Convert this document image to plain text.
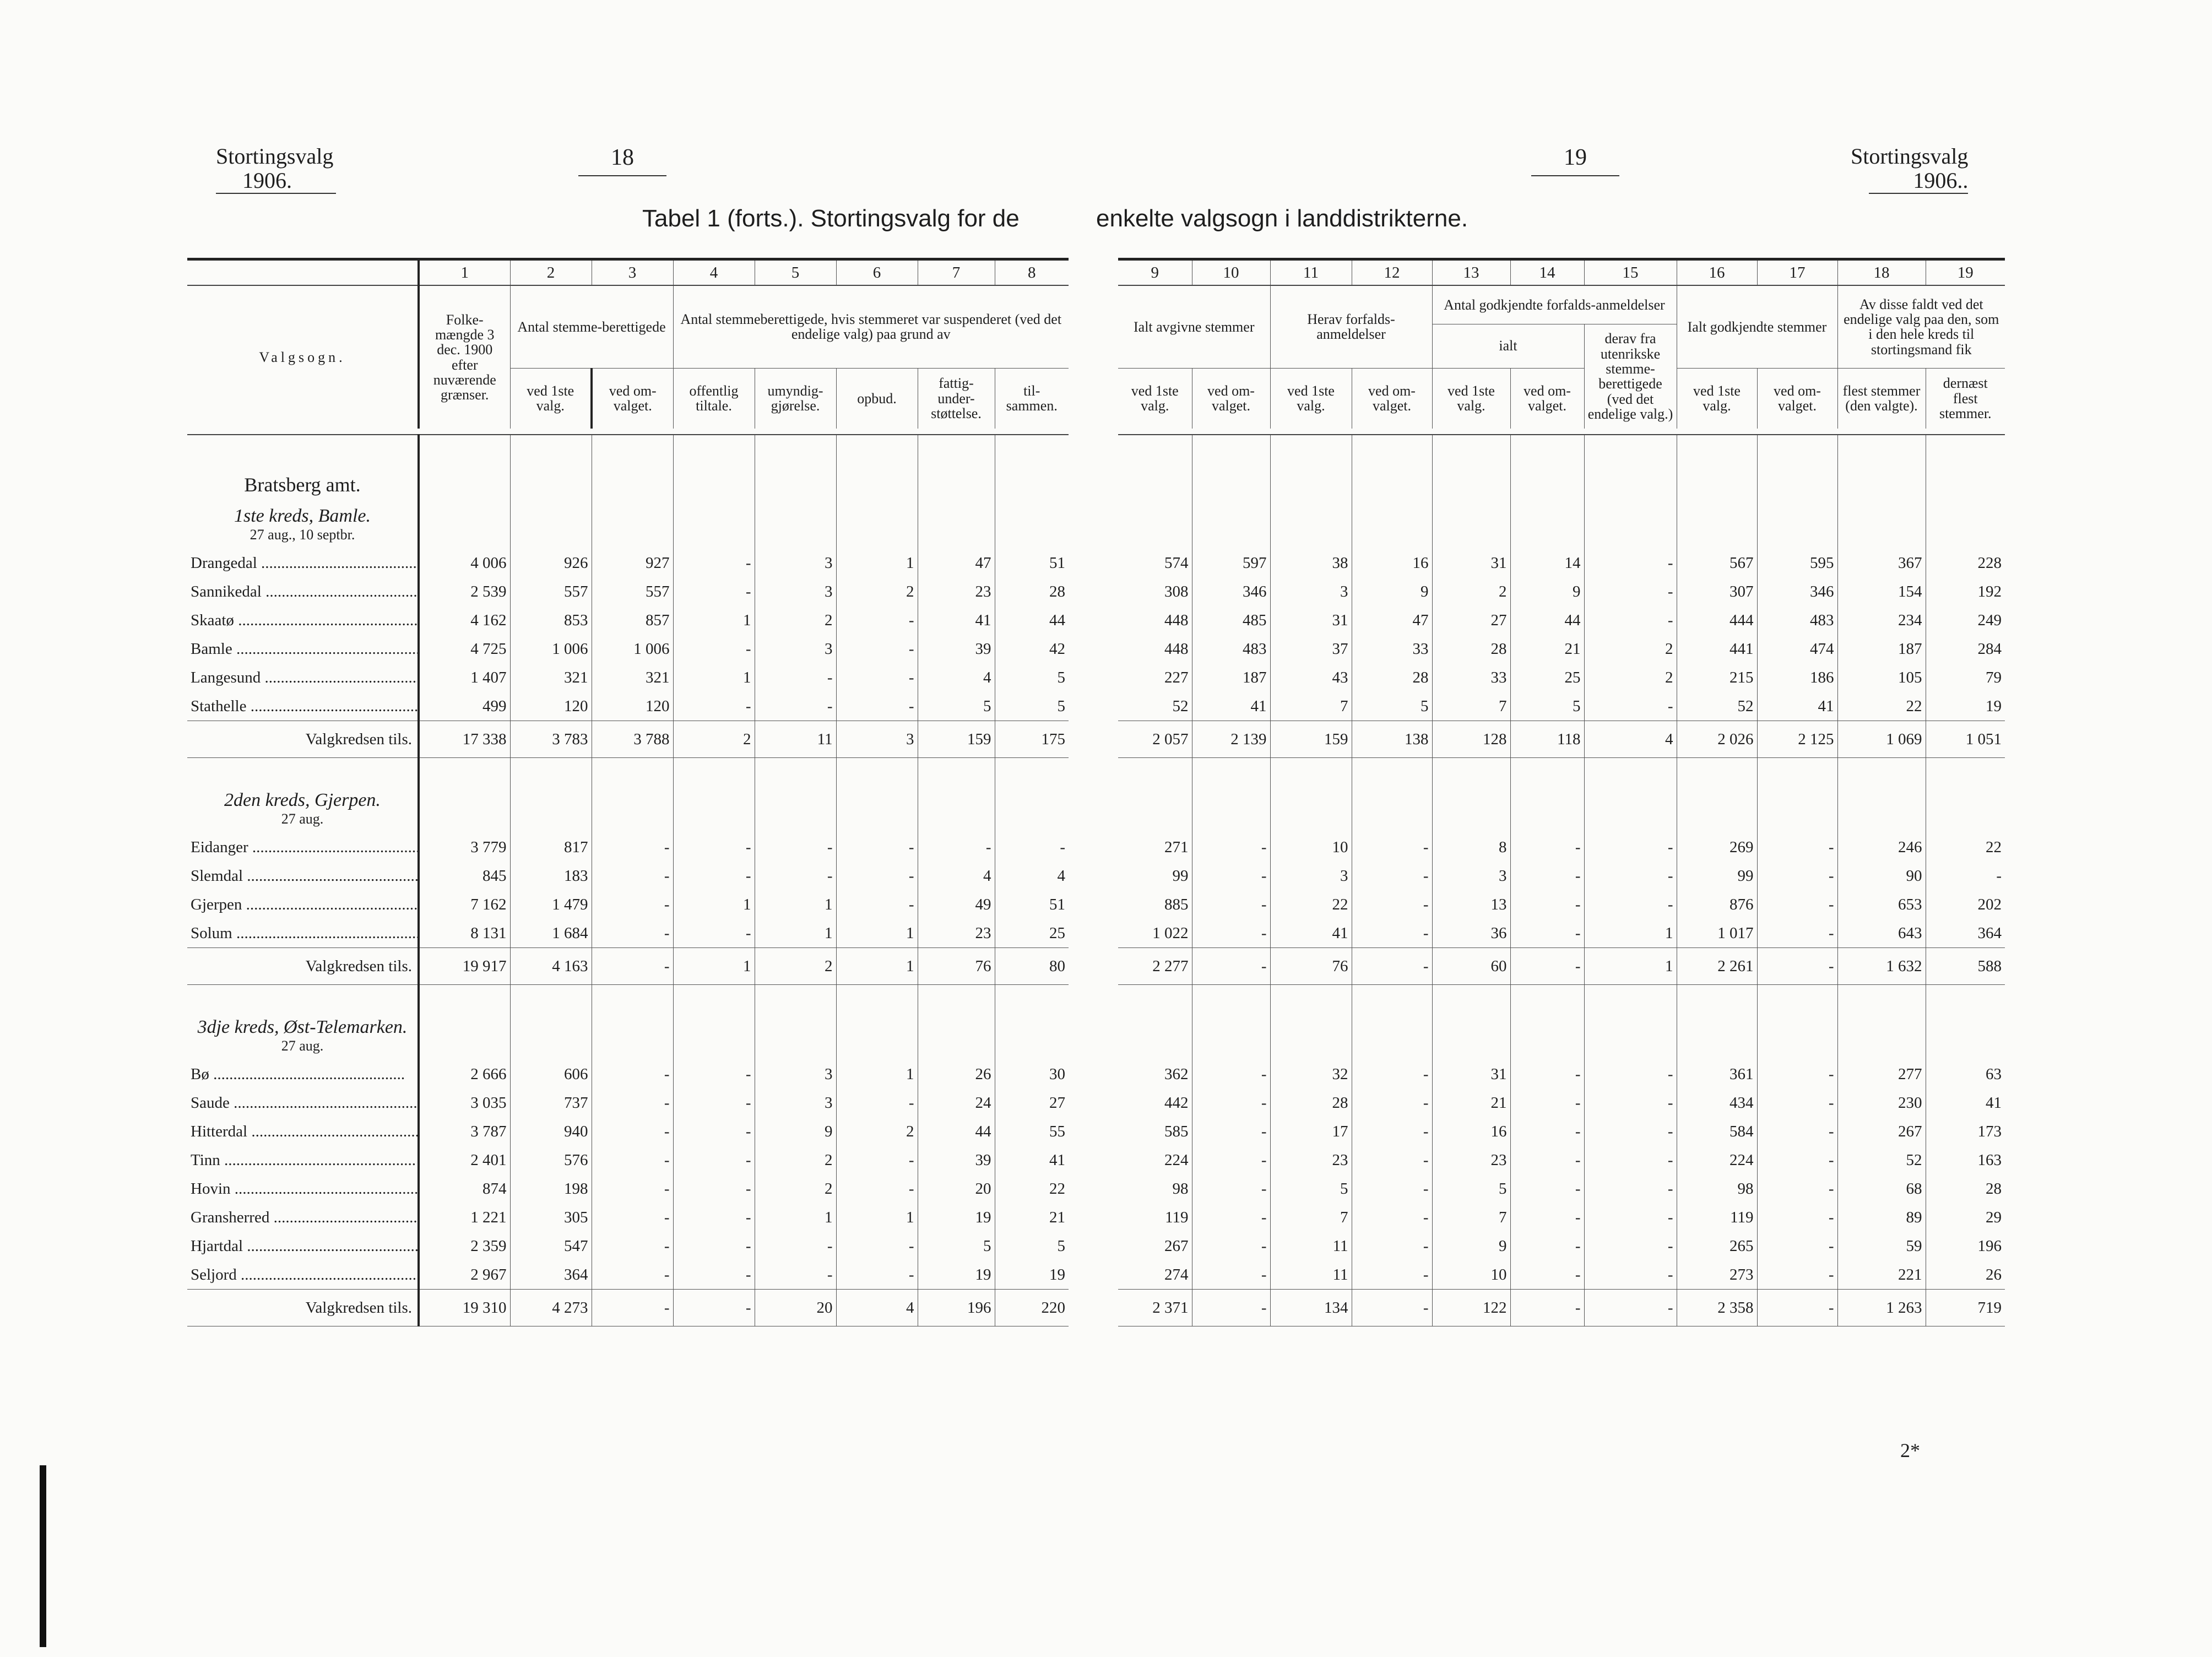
Stortingsvalg
1906.
18	19	Stortingsvalg
1906..
Tabel 1 (forts.). Stortingsvalg for de	enkelte valgsogn i landdistrikterne.
	1	2	3	4	5	6	7	8
Valgsogn.	Folke-mængde 3 dec. 1900 efter nuværende grænser.	Antal stemme-berettigede		Antal stemmeberettigede, hvis stemmeret var suspenderet (ved det endelige valg) paa grund av				
		ved 1ste valg.	ved om-valget.	offentlig tiltale.	umyndig-gjørelse.	opbud.	fattig-under-støttelse.	til-sammen.

Bratsberg amt.								
1ste kreds, Bamle.								
27 aug., 10 septbr.								
Drangedal .....	4 006	926	927	-	3	1	47	51
Sannikedal .....	2 539	557	557	-	3	2	23	28
Skaatø .....	4 162	853	857	1	2	-	41	44
Bamle .....	4 725	1 006	1 006	-	3	-	39	42
Langesund .....	1 407	321	321	1	-	-	4	5
Stathelle .....	499	120	120	-	-	-	5	5
Valgkredsen tils.	17 338	3 783	3 788	2	11	3	159	175

2den kreds, Gjerpen.								
27 aug.								
Eidanger .....	3 779	817	-	-	-	-	-	-
Slemdal .....	845	183	-	-	-	-	4	4
Gjerpen .....	7 162	1 479	-	1	1	-	49	51
Solum .....	8 131	1 684	-	-	1	1	23	25
Valgkredsen tils.	19 917	4 163	-	1	2	1	76	80

3dje kreds, Øst-Telemarken.								
27 aug.								
Bø .....	2 666	606	-	-	3	1	26	30
Saude .....	3 035	737	-	-	3	-	24	27
Hitterdal .....	3 787	940	-	-	9	2	44	55
Tinn .....	2 401	576	-	-	2	-	39	41
Hovin .....	874	198	-	-	2	-	20	22
Gransherred .....	1 221	305	-	-	1	1	19	21
Hjartdal .....	2 359	547	-	-	-	-	5	5
Seljord .....	2 967	364	-	-	-	-	19	19
Valgkredsen tils.	19 310	4 273	-	-	20	4	196	220
9	10	11	12	13	14	15	16	17	18	19
Ialt avgivne stemmer		Herav forfalds-anmeldelser		Antal godkjendte forfalds-anmeldelser			Ialt godkjendte stemmer		Av disse faldt ved det endelige valg paa den, som i den hele kreds til stortingsmand fik	
				ialt		derav fra utenrikske stemme-berettigede (ved det endelige valg.)				
ved 1ste valg.	ved om-valget.	ved 1ste valg.	ved om-valget.	ved 1ste valg.	ved om-valget.		ved 1ste valg.	ved om-valget.	flest stemmer (den valgte).	dernæst flest stemmer.

574	597	38	16	31	14	-	567	595	367	228
308	346	3	9	2	9	-	307	346	154	192
448	485	31	47	27	44	-	444	483	234	249
448	483	37	33	28	21	2	441	474	187	284
227	187	43	28	33	25	2	215	186	105	79
52	41	7	5	7	5	-	52	41	22	19
2 057	2 139	159	138	128	118	4	2 026	2 125	1 069	1 051

271	-	10	-	8	-	-	269	-	246	22
99	-	3	-	3	-	-	99	-	90	-
885	-	22	-	13	-	-	876	-	653	202
1 022	-	41	-	36	-	1	1 017	-	643	364
2 277	-	76	-	60	-	1	2 261	-	1 632	588

362	-	32	-	31	-	-	361	-	277	63
442	-	28	-	21	-	-	434	-	230	41
585	-	17	-	16	-	-	584	-	267	173
224	-	23	-	23	-	-	224	-	52	163
98	-	5	-	5	-	-	98	-	68	28
119	-	7	-	7	-	-	119	-	89	29
267	-	11	-	9	-	-	265	-	59	196
274	-	11	-	10	-	-	273	-	221	26
2 371	-	134	-	122	-	-	2 358	-	1 263	719
2*
